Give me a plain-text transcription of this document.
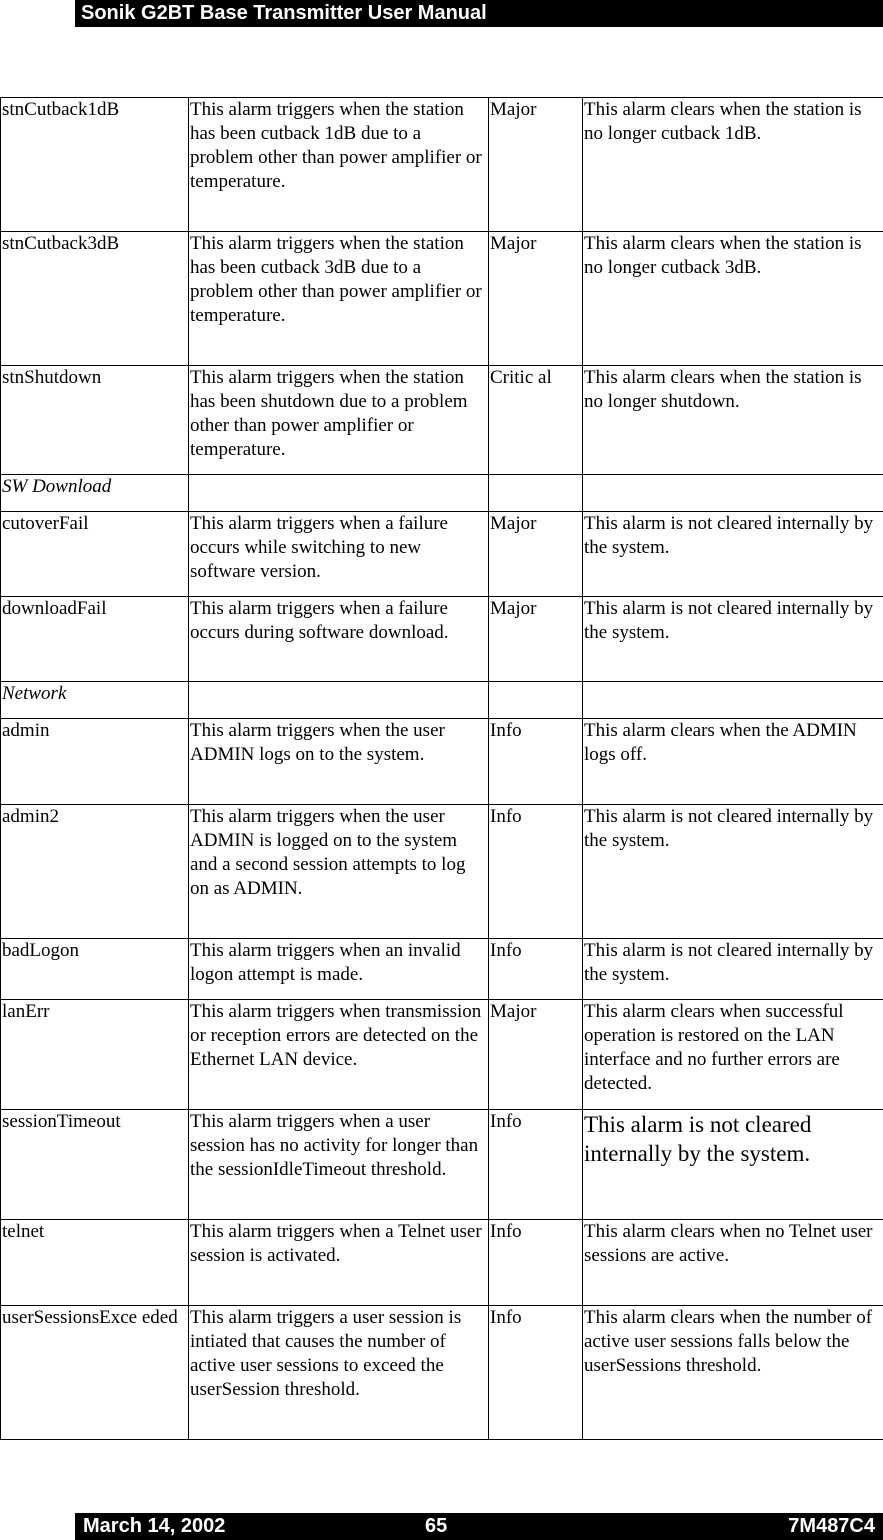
Sonik G2BT Base Transmitter User Manual
stnCutback1dB	This alarm triggers when the station has been cutback 1dB due to a problem other than power amplifier or temperature.	Major	This alarm clears when the station is no longer cutback 1dB.
stnCutback3dB	This alarm triggers when the station has been cutback 3dB due to a problem other than power amplifier or temperature.	Major	This alarm clears when the station is no longer cutback 3dB.
stnShutdown	This alarm triggers when the station has been shutdown due to a problem other than power amplifier or temperature.	Critic al	This alarm clears when the station is no longer shutdown.
SW Download			
cutoverFail	This alarm triggers when a failure occurs while switching to new software version.	Major	This alarm is not cleared internally by the system.
downloadFail	This alarm triggers when a failure occurs during software download.	Major	This alarm is not cleared internally by the system.
Network			
admin	This alarm triggers when the user ADMIN logs on to the system.	Info	This alarm clears when the ADMIN logs off.
admin2	This alarm triggers when the user ADMIN is logged on to the system and a second session attempts to log on as ADMIN.	Info	This alarm is not cleared internally by the system.
badLogon	This alarm triggers when an invalid logon attempt is made.	Info	This alarm is not cleared internally by the system.
lanErr	This alarm triggers when transmission or reception errors are detected on the Ethernet LAN device.	Major	This alarm clears when successful operation is restored on the LAN interface and no further errors are detected.
sessionTimeout	This alarm triggers when a user session has no activity for longer than the sessionIdleTimeout threshold.	Info	This alarm is not cleared internally by the system.
telnet	This alarm triggers when a Telnet user session is activated.	Info	This alarm clears when no Telnet user sessions are active.
userSessionsExce eded	This alarm triggers a user session is intiated that causes the number of active user sessions to exceed the userSession threshold.	Info	This alarm clears when the number of active user sessions falls below the userSessions threshold.
March 14, 2002	65	7M487C4
